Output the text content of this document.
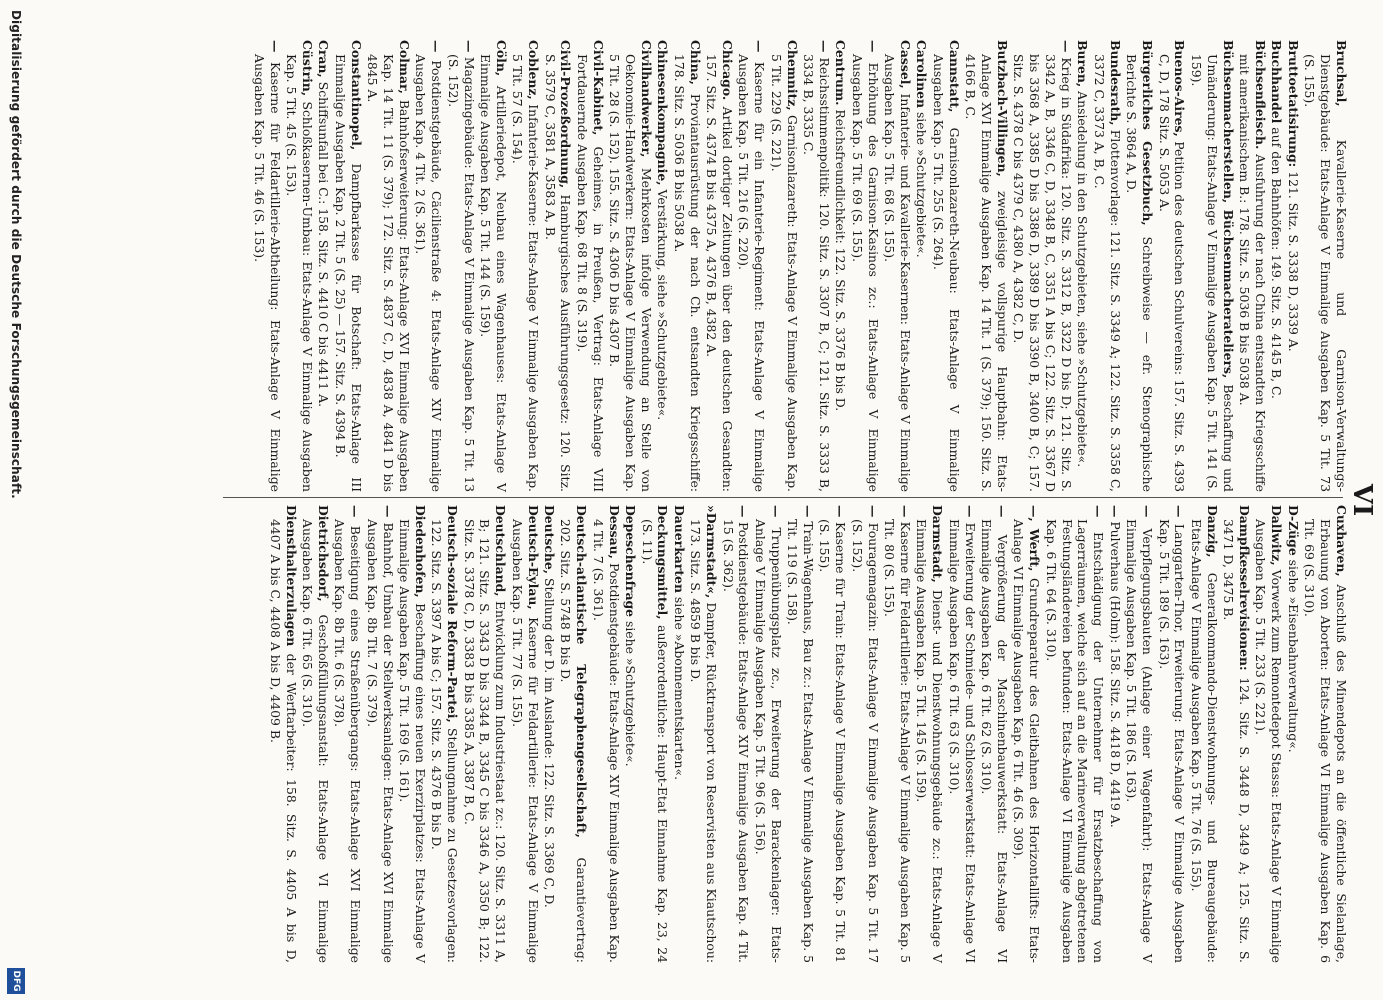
VI

Bruchsal, Kavallerie-Kaserne und Garnison-Verwaltungs-Dienstgebäude: Etats-Anlage V Einmalige Ausgaben Kap. 5 Tit. 73 (S. 155).

Bruttoetatisirung: 121. Sitz. S. 3338 D, 3339 A.

Buchhandel auf den Bahnhöfen: 149. Sitz. S. 4145 B, C.

Büchsenfleisch. Ausfuhrung der nach China entsandten Kriegsschiffe mit amerikanischem B.: 178. Sitz. S. 5036 B bis 5038 A.

Büchsenmacherstellen, Büchsenmacherateliers, Beschaffung und Umänderung: Etats-Anlage V Einmalige Ausgaben Kap. 5 Tit. 141 (S. 159).

Buenos-Aires, Petition des deutschen Schulvereins: 157. Sitz. S. 4393 C, D, 178 Sitz. S. 5053 A.

Bürgerliches Gesetzbuch, Schreibweise — efr. Stenographische Berichte S. 3864 A, D.

Bundesrath, Flottenvorlage: 121. Sitz. S. 3349 A; 122. Sitz. S. 3358 C, 3372 C, 3373 A, B, C.

Buren, Ansiedelung in den Schutzgebieten, siehe »Schutzgebiete«.

— Krieg in Südafrika: 120. Sitz. S. 3312 B, 3322 D bis D; 121. Sitz. S. 3342 A, B, 3346 C, D, 3348 B, C, 3351 A bis C; 122. Sitz. S. 3367 D bis 3368 A, 3385 D bis 3386 D, 3389 D bis 3390 B, 3400 B, C; 157. Sitz. S. 4378 C bis 4379 C, 4380 A, 4382 C, D.

Butzbach-Villingen, zweigleisige vollspurige Hauptbahn: Etats-Anlage XVI Einmalige Ausgaben Kap. 14 Tit. 1 (S. 379); 150. Sitz. S. 4166 B, C.

Cannstatt, Garnisonlazareth-Neubau: Etats-Anlage V Einmalige Ausgaben Kap. 5 Tit. 255 (S. 264).

Carolinen siehe »Schutzgebiete«.

Cassel, Infanterie- und Kavallerie-Kasernen: Etats-Anlage V Einmalige Ausgaben Kap. 5 Tit. 68 (S. 155).

— Erhöhung des Garnison-Kasinos zc.: Etats-Anlage V Einmalige Ausgaben Kap. 5 Tit. 69 (S. 155).

Centrum. Reichsfreundlichkeit: 122. Sitz. S. 3376 B bis D.

— Reichsstimmenpolitik: 120. Sitz. S. 3307 B, C; 121. Sitz. S. 3333 B, 3334 B, 3335 C.

Chemnitz, Garnisonlazareth: Etats-Anlage V Einmalige Ausgaben Kap. 5 Tit. 229 (S. 221).

— Kaserne für ein Infanterie-Regiment: Etats-Anlage V Einmalige Ausgaben Kap. 5 Tit. 216 (S. 220).

Chicago. Artikel dortiger Zeitungen über den deutschen Gesandten: 157. Sitz. S. 4374 B bis 4375 A, 4376 B, 4382 A.

China, Proviantausrüstung der nach Ch. entsandten Kriegsschiffe: 178. Sitz. S. 5036 B bis 5038 A.

Chinesenkompagnie, Verstärkung, siehe »Schutzgebiete«.

Civilhandwerker, Mehrkosten infolge Verwendung an Stelle von Oekonomie-Handwerkern: Etats-Anlage V Einmalige Ausgaben Kap. 5 Tit. 28 (S. 152). 155. Sitz. S. 4306 D bis 4307 B.

Civil-Kabinet, Geheimes, in Preußen, Vertrag: Etats-Anlage VIII Fortdauernde Ausgaben Kap. 68 Tit. 8 (S. 319).

Civil-Prozeßordnung, Hamburgisches Ausführungsgesetz: 120. Sitz. S. 3579 C, 3581 A, 3583 A, B.

Coblenz, Infanterie-Kaserne: Etats-Anlage V Einmalige Ausgaben Kap. 5 Tit. 57 (S. 154).

Cöln, Artilleriedepot, Neubau eines Wagenhauses: Etats-Anlage V Einmalige Ausgaben Kap. 5 Tit. 144 (S. 159).

— Magazingebäude: Etats-Anlage V Einmalige Ausgaben Kap. 5 Tit. 13 (S. 152).

— Postdienstgebäude, Cäcilienstraße 4: Etats-Anlage XIV Einmalige Ausgaben Kap. 4 Tit. 2 (S. 361).

Colmar, Bahnhofserweiterung: Etats-Anlage XVI Einmalige Ausgaben Kap. 14 Tit. 11 (S. 379); 172. Sitz. S. 4837 C, D, 4838 A, 4841 D bis 4845 A.

Constantinopel, Dampfbarkasse für Botschaft: Etats-Anlage III Einmalige Ausgaben Kap. 2 Tit. 5 (S. 25) — 157. Sitz. S. 4394 B.

Cran, Schiffsunfall bei C.: 158. Sitz. S. 4410 C bis 4411 A.

Cüstrin, Schloßkasernen-Umbau: Etats-Anlage V Einmalige Ausgaben Kap. 5 Tit. 45 (S. 153).

— Kaserne für Feldartillerie-Abtheilung: Etats-Anlage V Einmalige Ausgaben Kap. 5 Tit. 46 (S. 153).

Cuxhaven, Anschluß des Minendepots an die öffentliche Sielanlage, Erbauung von Aborten: Etats-Anlage VI Einmalige Ausgaben Kap. 6 Tit. 69 (S. 310).

D-Züge siehe »Eisenbahnverwaltung«.

Dallwitz, Vorwerk zum Remontedepot Stassa: Etats-Anlage V Einmalige Ausgaben Kap. 5 Tit. 233 (S. 221).

Dampfkesselrevisionen: 124. Sitz. S. 3448 D, 3449 A; 125. Sitz. S. 3471 D, 3475 B.

Danzig, Generalkommando-Dienstwohnungs- und Bureaugebäude: Etats-Anlage V Einmalige Ausgaben Kap. 5 Tit. 76 (S. 155).

— Langgarten-Thor, Erweiterung: Etats-Anlage V Einmalige Ausgaben Kap. 5 Tit. 189 (S. 163).

— Verpflegungsbauten (Anlage einer Wagenfahrt): Etats-Anlage V Einmalige Ausgaben Kap. 5 Tit. 186 (S. 163).

— Pulverhaus (Holm): 158. Sitz. S. 4418 D, 4419 A.

— Entschädigung der Unternehmer für Ersatzbeschaffung von Lagerräumen, welche sich auf an die Marineverwaltung abgetretenen Festungsländereien befunden: Etats-Anlage VI Einmalige Ausgaben Kap. 6 Tit. 64 (S. 310).

—, Werft, Grundreparatur des Gleitbahnen des Horizontallifts: Etats-Anlage VI Einmalige Ausgaben Kap. 6 Tit. 46 (S. 309).

— Vergrößerung der Maschinenbauwerkstatt: Etats-Anlage VI Einmalige Ausgaben Kap. 6 Tit. 62 (S. 310).

— Erweiterung der Schmiede- und Schlosserwerkstatt: Etats-Anlage VI Einmalige Ausgaben Kap. 6 Tit. 63 (S. 310).

Darmstadt, Dienst- und Dienstwohnungsgebäude zc.: Etats-Anlage V Einmalige Ausgaben Kap. 5 Tit. 145 (S. 159).

— Kaserne für Feldartillerie: Etats-Anlage V Einmalige Ausgaben Kap. 5 Tit. 80 (S. 155).

— Fouragemagazin: Etats-Anlage V Einmalige Ausgaben Kap. 5 Tit. 17 (S. 152).

— Kaserne für Train: Etats-Anlage V Einmalige Ausgaben Kap. 5 Tit. 81 (S. 155).

— Train-Wagenhaus, Bau zc.: Etats-Anlage V Einmalige Ausgaben Kap. 5 Tit. 119 (S. 158).

— Truppenübungsplatz zc., Erweiterung der Barackenlager: Etats-Anlage V Einmalige Ausgaben Kap. 5 Tit. 96 (S. 156).

— Postdienstgebäude: Etats-Anlage XIV Einmalige Ausgaben Kap. 4 Tit. 15 (S. 362).

»Darmstadt«, Dampfer, Rücktransport von Reservisten aus Kiautschou: 173. Sitz. S. 4859 B bis D.

Dauerkarten siehe »Abonnementskarten«.

Deckungsmittel, außerordentliche: Haupt-Etat Einnahme Kap. 23, 24 (S. 11).

Depeschenfrage siehe »Schutzgebiete«.

Dessau, Postdienstgebäude: Etats-Anlage XIV Einmalige Ausgaben Kap. 4 Tit. 7 (S. 361).

Deutsch-atlantische Telegraphengesellschaft, Garantievertrag: 202. Sitz. S. 5748 B bis D.

Deutsche, Stellung der D. im Auslande: 122. Sitz. S. 3369 C, D.

Deutsch-Eylau, Kaserne für Feldartillerie: Etats-Anlage V Einmalige Ausgaben Kap. 5 Tit. 77 (S. 155).

Deutschland, Entwicklung zum Industriestaat zc.: 120. Sitz. S. 3311 A, B; 121. Sitz. S. 3343 D bis 3344 B, 3345 C bis 3346 A, 3350 B; 122. Sitz. S. 3378 C, D, 3383 B bis 3385 A, 3387 B, C.

Deutsch-soziale Reform-Partei, Stellungnahme zu Gesetzesvorlagen: 122. Sitz. S. 3397 A bis C; 157. Sitz. S. 4376 B bis D.

Diedenhofen, Beschaffung eines neuen Exerzirplatzes: Etats-Anlage V Einmalige Ausgaben Kap. 5 Tit. 169 (S. 161).

— Bahnhof, Umbau der Stellwerksanlagen: Etats-Anlage XVI Einmalige Ausgaben Kap. 8b Tit. 7 (S. 379).

— Beseitigung eines Straßenübergangs: Etats-Anlage XVI Einmalige Ausgaben Kap. 8b Tit. 6 (S. 378).

Dietrichsdorf, Geschoßfüllungsanstalt: Etats-Anlage VI Einmalige Ausgaben Kap. 6 Tit. 65 (S. 310).

Diensthalterzulagen der Werftarbeiter: 158. Sitz. S. 4405 A bis D, 4407 A bis C, 4408 A bis D, 4409 B.

Digitalisierung gefördert durch die Deutsche Forschungsgemeinschaft.
DFG
